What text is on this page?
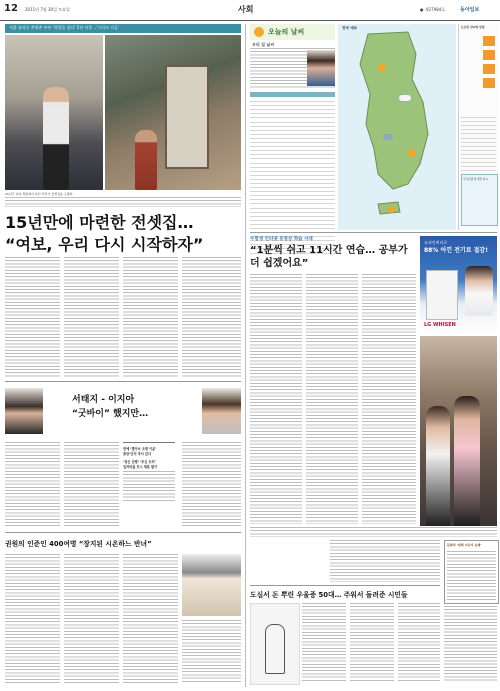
12 2011년 7월 30일 토요일	사회	● 제27984호	동아일보
서울 송파동 쪽방촌 부부 '희망을 찾다' 5년 이후…'그러고 지금'
15년간 지하 쪽방에서 살던 부부가 전셋집을 구했다.
15년만에 마련한 전셋집…
“여보, 우리 다시 시작하자”
서태지 - 이지아
“굿바이” 했지만…
연예 ‘별아브 조명 이룬’
총판·단지 추사 있다
‘정신 진행’ ‘무신 트러’
일자리를 모시 재혼 밤기
권원의 인준인 400여명 “장지된 시온하느 반녀”
오늘의 날씨
우리 집 날씨
전국 예보	토요일 날씨와 알림
우리은행 빛 희망 날씨
수험생 인터넷 동영상 학습 시대
“1분씩 쉬고 11시간 연습… 공부가 더 쉽겠어요”
슈퍼인버터로
88% 아낀 전기료 절감!
LG WHISEN
문화의 ‘새벽 지나서 순례’
도심서 돈 뿌린 우울증 50대… 주워서 돌려준 시민들
